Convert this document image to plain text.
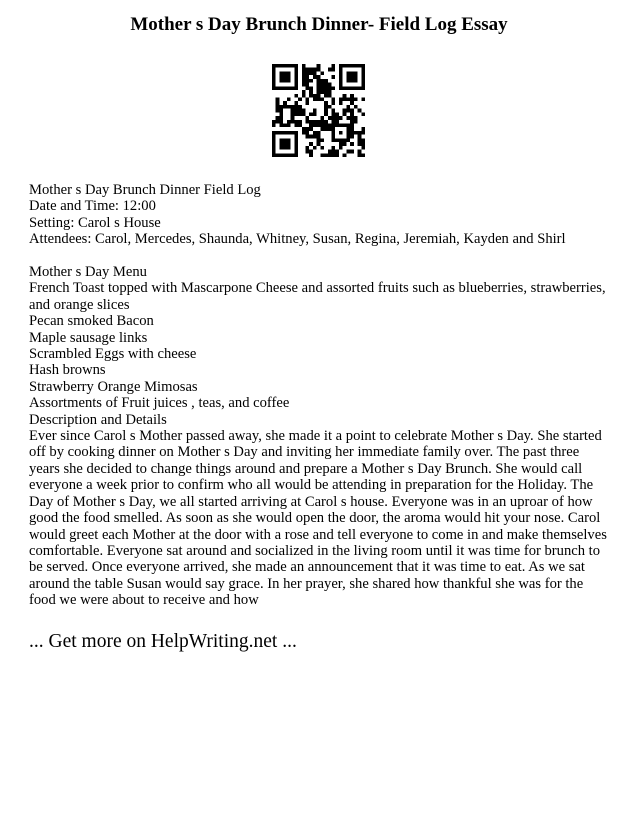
Mother s Day Brunch Dinner- Field Log Essay
Mother s Day Brunch Dinner Field Log
Date and Time: 12:00
Setting: Carol s House
Attendees: Carol, Mercedes, Shaunda, Whitney, Susan, Regina, Jeremiah, Kayden and Shirl
Mother s Day Menu
French Toast topped with Mascarpone Cheese and assorted fruits such as blueberries, strawberries, and orange slices
Pecan smoked Bacon
Maple sausage links
Scrambled Eggs with cheese
Hash browns
Strawberry Orange Mimosas
Assortments of Fruit juices , teas, and coffee
Description and Details
Ever since Carol s Mother passed away, she made it a point to celebrate Mother s Day. She started off by cooking dinner on Mother s Day and inviting her immediate family over. The past three years she decided to change things around and prepare a Mother s Day Brunch. She would call everyone a week prior to confirm who all would be attending in preparation for the Holiday. The Day of Mother s Day, we all started arriving at Carol s house. Everyone was in an uproar of how good the food smelled. As soon as she would open the door, the aroma would hit your nose. Carol would greet each Mother at the door with a rose and tell everyone to come in and make themselves comfortable. Everyone sat around and socialized in the living room until it was time for brunch to be served. Once everyone arrived, she made an announcement that it was time to eat. As we sat around the table Susan would say grace. In her prayer, she shared how thankful she was for the food we were about to receive and how
... Get more on HelpWriting.net ...
